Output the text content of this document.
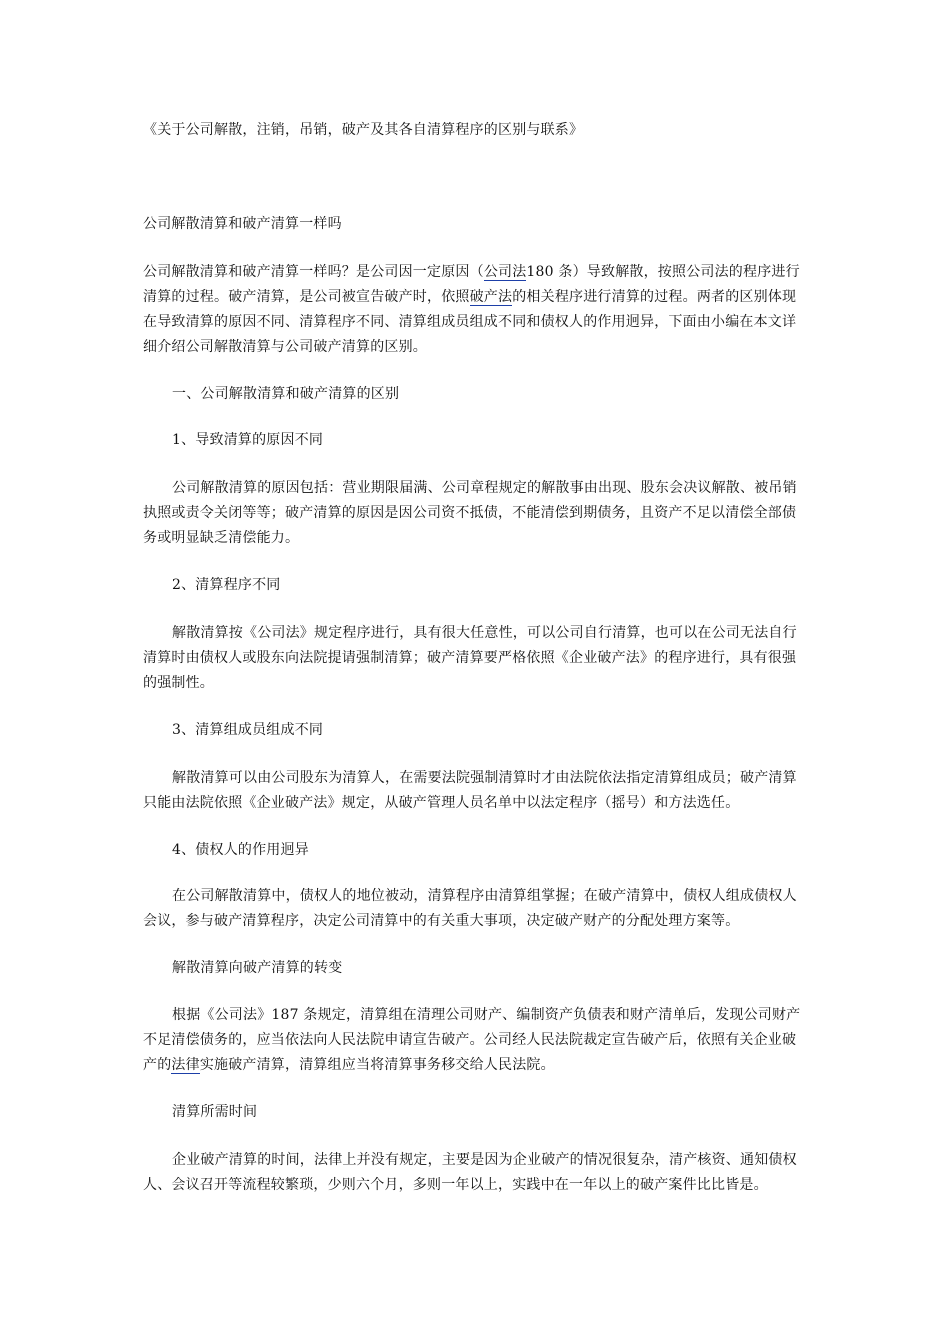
《关于公司解散，注销，吊销，破产及其各自清算程序的区别与联系》
公司解散清算和破产清算一样吗
公司解散清算和破产清算一样吗？是公司因一定原因（公司法180 条）导致解散，按照公司法的程序进行
清算的过程。破产清算，是公司被宣告破产时，依照破产法的相关程序进行清算的过程。两者的区别体现
在导致清算的原因不同、清算程序不同、清算组成员组成不同和债权人的作用迥异，下面由小编在本文详
细介绍公司解散清算与公司破产清算的区别。
一、公司解散清算和破产清算的区别
1、导致清算的原因不同
公司解散清算的原因包括：营业期限届满、公司章程规定的解散事由出现、股东会决议解散、被吊销
执照或责令关闭等等；破产清算的原因是因公司资不抵债，不能清偿到期债务，且资产不足以清偿全部债
务或明显缺乏清偿能力。
2、清算程序不同
解散清算按《公司法》规定程序进行，具有很大任意性，可以公司自行清算，也可以在公司无法自行
清算时由债权人或股东向法院提请强制清算；破产清算要严格依照《企业破产法》的程序进行，具有很强
的强制性。
3、清算组成员组成不同
解散清算可以由公司股东为清算人，在需要法院强制清算时才由法院依法指定清算组成员；破产清算
只能由法院依照《企业破产法》规定，从破产管理人员名单中以法定程序（摇号）和方法选任。
4、债权人的作用迥异
在公司解散清算中，债权人的地位被动，清算程序由清算组掌握；在破产清算中，债权人组成债权人
会议，参与破产清算程序，决定公司清算中的有关重大事项，决定破产财产的分配处理方案等。
解散清算向破产清算的转变
根据《公司法》187 条规定，清算组在清理公司财产、编制资产负债表和财产清单后，发现公司财产
不足清偿债务的，应当依法向人民法院申请宣告破产。公司经人民法院裁定宣告破产后，依照有关企业破
产的法律实施破产清算，清算组应当将清算事务移交给人民法院。
清算所需时间
企业破产清算的时间，法律上并没有规定，主要是因为企业破产的情况很复杂，清产核资、通知债权
人、会议召开等流程较繁琐，少则六个月，多则一年以上，实践中在一年以上的破产案件比比皆是。
